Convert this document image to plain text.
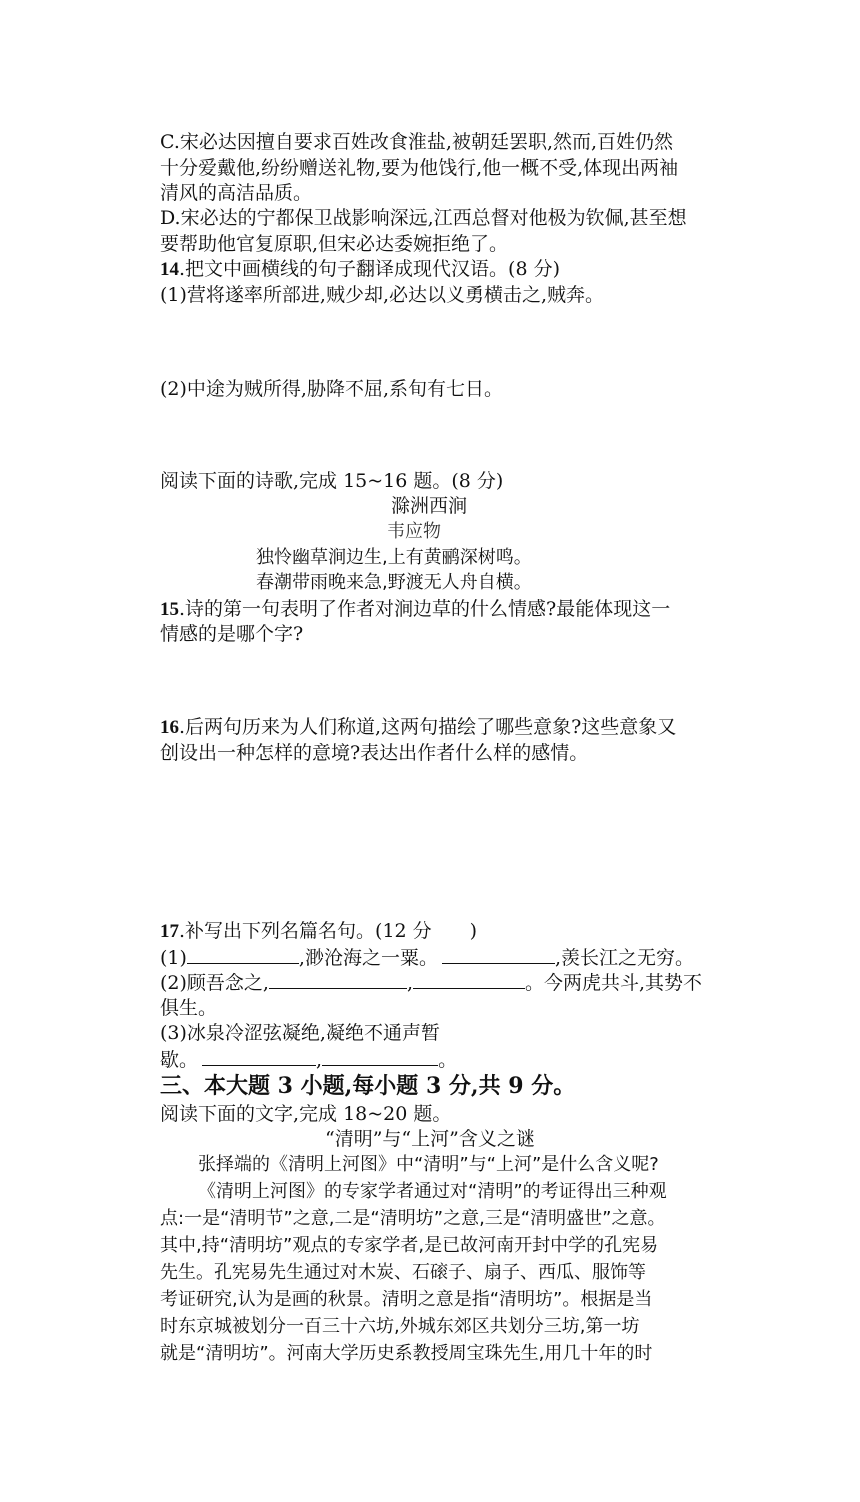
C.宋必达因擅自要求百姓改食淮盐,被朝廷罢职,然而,百姓仍然
十分爱戴他,纷纷赠送礼物,要为他饯行,他一概不受,体现出两袖
清风的高洁品质。
D.宋必达的宁都保卫战影响深远,江西总督对他极为钦佩,甚至想
要帮助他官复原职,但宋必达委婉拒绝了。
14.把文中画横线的句子翻译成现代汉语。(8 分)
(1)营将遂率所部进,贼少却,必达以义勇横击之,贼奔。
(2)中途为贼所得,胁降不屈,系旬有七日。
阅读下面的诗歌,完成 15~16 题。(8 分)
滁洲西涧
韦应物
独怜幽草涧边生,上有黄鹂深树鸣。
春潮带雨晚来急,野渡无人舟自横。
15.诗的第一句表明了作者对涧边草的什么情感?最能体现这一
情感的是哪个字?
16.后两句历来为人们称道,这两句描绘了哪些意象?这些意象又
创设出一种怎样的意境?表达出作者什么样的感情。
17.补写出下列名篇名句。(12 分　　)
(1)	,渺沧海之一粟。	,羡长江之无穷。
(2)顾吾念之,	,	。今两虎共斗,其势不
俱生。
(3)冰泉冷涩弦凝绝,凝绝不通声暂
歇。	,	。
三、本大题 3 小题,每小题 3 分,共 9 分。
阅读下面的文字,完成 18~20 题。
“清明”与“上河”含义之谜
张择端的《清明上河图》中“清明”与“上河”是什么含义呢?
《清明上河图》的专家学者通过对“清明”的考证得出三种观
点:一是“清明节”之意,二是“清明坊”之意,三是“清明盛世”之意。
其中,持“清明坊”观点的专家学者,是已故河南开封中学的孔宪易
先生。孔宪易先生通过对木炭、石磙子、扇子、西瓜、服饰等
考证研究,认为是画的秋景。清明之意是指“清明坊”。根据是当
时东京城被划分一百三十六坊,外城东郊区共划分三坊,第一坊
就是“清明坊”。河南大学历史系教授周宝珠先生,用几十年的时
